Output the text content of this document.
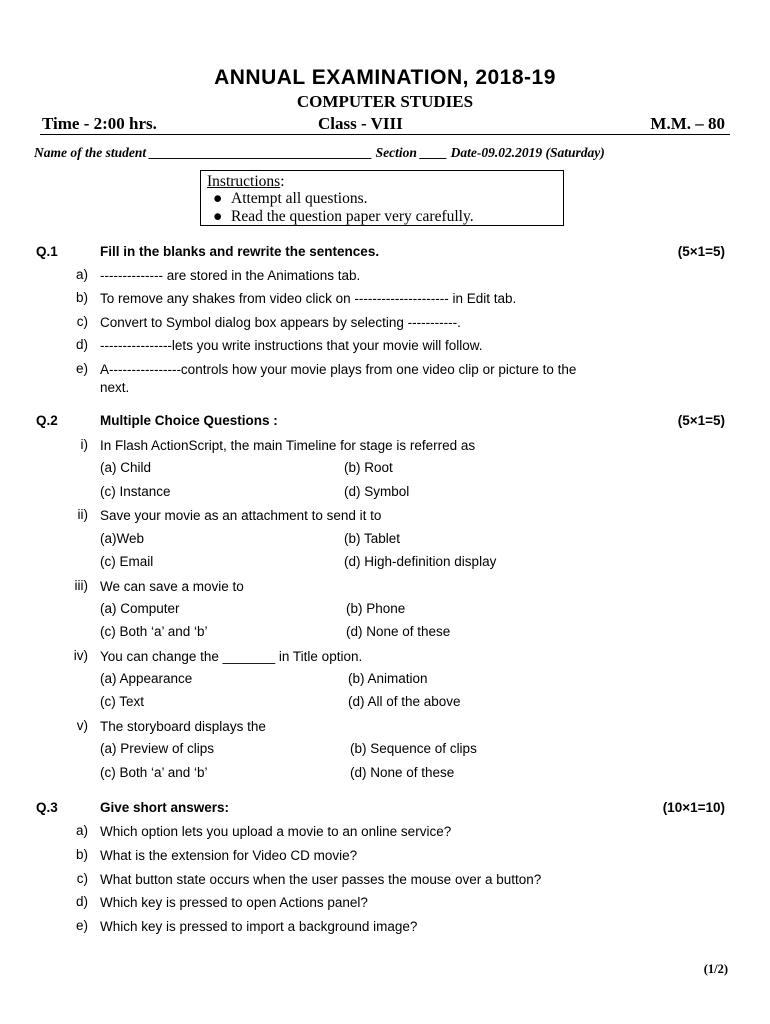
ANNUAL EXAMINATION, 2018-19
COMPUTER STUDIES
Time - 2:00 hrs.	Class - VIII	M.M. – 80
Name of the student _________________________________ Section ____ Date-09.02.2019 (Saturday)
Instructions:
● Attempt all questions.
● Read the question paper very carefully.
Q.1	Fill in the blanks and rewrite the sentences.	(5×1=5)
a) -------------- are stored in the Animations tab.
b) To remove any shakes from video click on --------------------- in Edit tab.
c) Convert to Symbol dialog box appears by selecting -----------.
d) ----------------lets you write instructions that your movie will follow.
e) A----------------controls how your movie plays from one video clip or picture to the next.
Q.2	Multiple Choice Questions :	(5×1=5)
i) In Flash ActionScript, the main Timeline for stage is referred as
(a) Child	(b) Root
(c) Instance	(d) Symbol
ii) Save your movie as an attachment to send it to
(a)Web	(b) Tablet
(c) Email	(d) High-definition display
iii) We can save a movie to
(a) Computer	(b) Phone
(c) Both ‘a’ and ‘b’	(d) None of these
iv) You can change the _______ in Title option.
(a) Appearance	(b) Animation
(c) Text	(d) All of the above
v) The storyboard displays the
(a) Preview of clips	(b) Sequence of clips
(c) Both ‘a’ and ‘b’	(d) None of these
Q.3	Give short answers:	(10×1=10)
a) Which option lets you upload a movie to an online service?
b) What is the extension for Video CD movie?
c) What button state occurs when the user passes the mouse over a button?
d) Which key is pressed to open Actions panel?
e) Which key is pressed to import a background image?
(1/2)
